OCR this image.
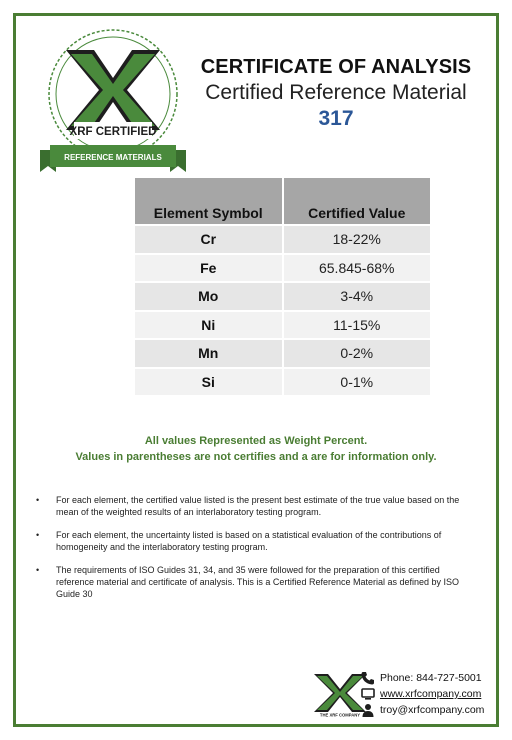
XRF CERTIFIED
REFERENCE MATERIALS
CERTIFICATE OF ANALYSIS
Certified Reference Material
317
Element Symbol	Certified Value
Cr	18-22%
Fe	65.845-68%
Mo	3-4%
Ni	11-15%
Mn	0-2%
Si	0-1%
All values Represented as Weight Percent.
Values in parentheses are not certifies and a are for information only.
• For each element, the certified value listed is the present best estimate of the true value based on the mean of the weighted results of an interlaboratory testing program.
• For each element, the uncertainty listed is based on a statistical evaluation of the contributions of homogeneity and the interlaboratory testing program.
• The requirements of ISO Guides 31, 34, and 35 were followed for the preparation of this certified reference material and certificate of analysis. This is a Certified Reference Material as defined by ISO Guide 30
THE XRF COMPANY
Phone: 844-727-5001
www.xrfcompany.com
troy@xrfcompany.com
